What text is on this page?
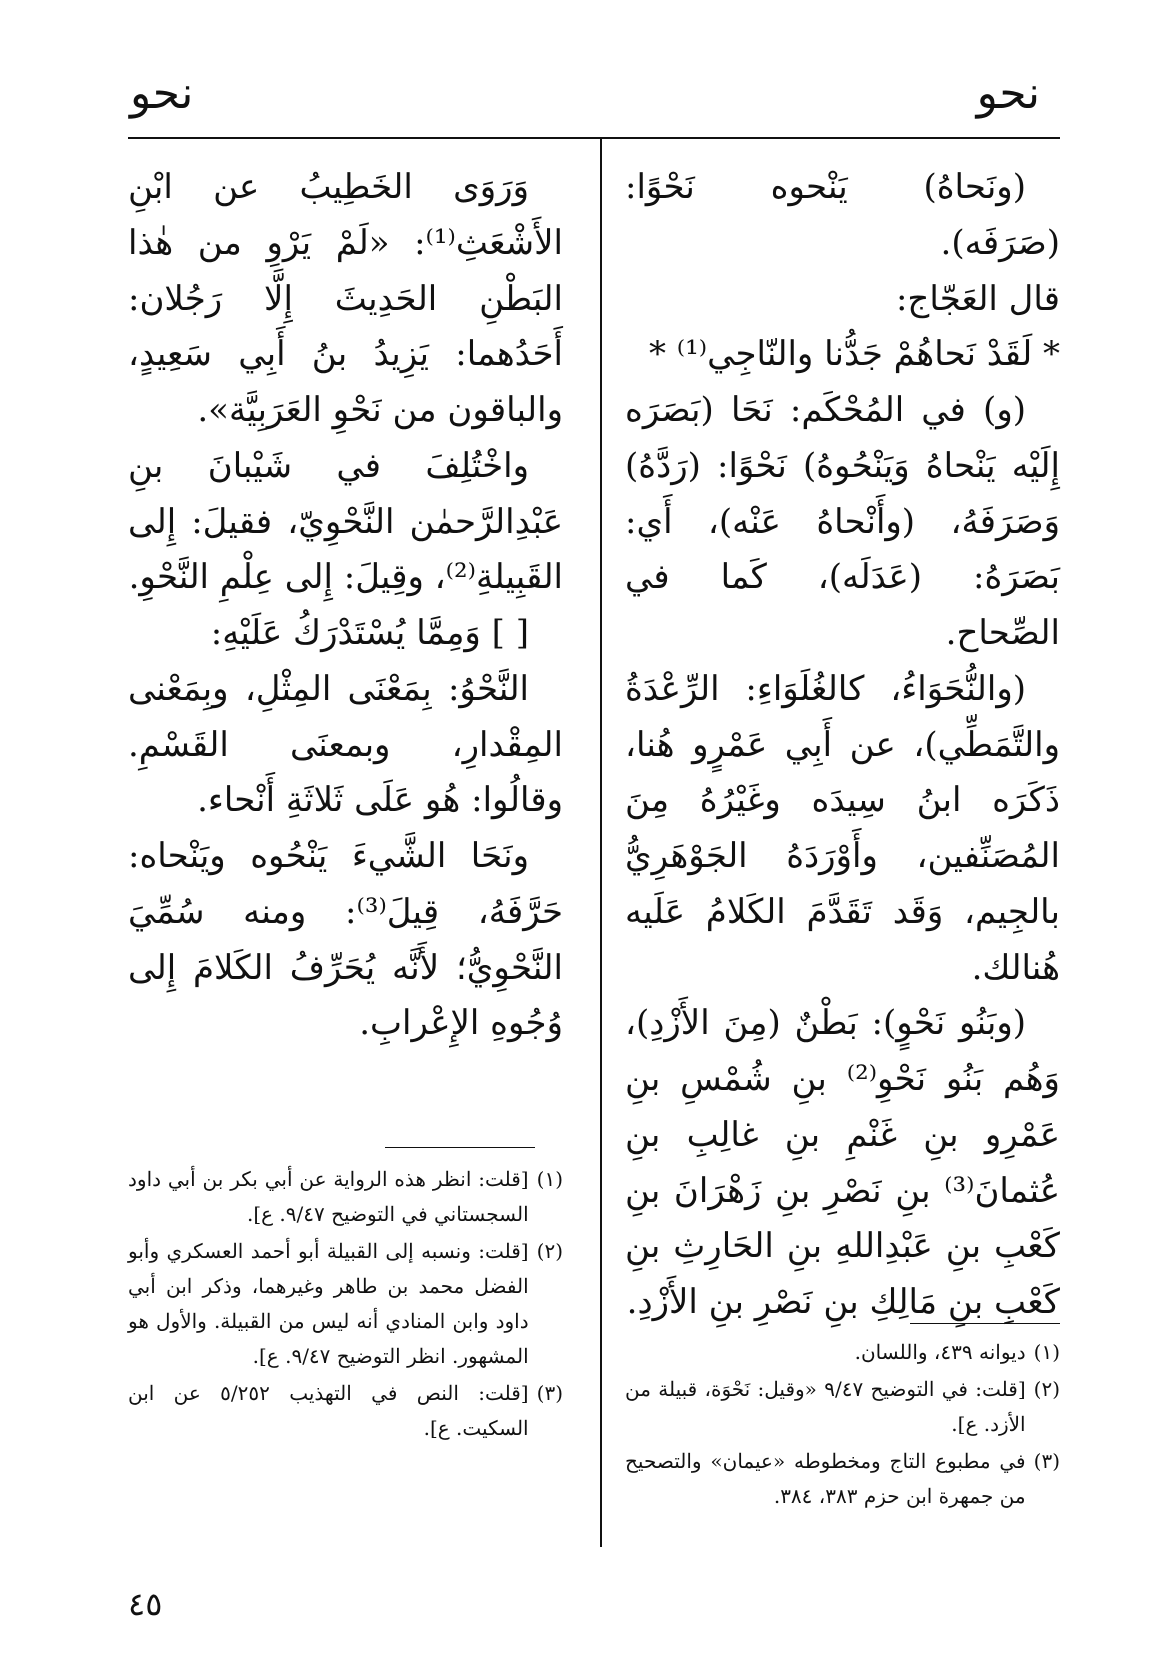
نحو
نحو

(ونَحاهُ) يَنْحوه نَحْوًا: (صَرَفَه).

قال العَجّاج:

* لَقَدْ نَحاهُمْ جَدُّنا والنّاجِي⁽¹⁾ *

(و) في المُحْكَم: نَحَا (بَصَرَه إِلَيْه يَنْحاهُ وَيَنْحُوهُ) نَحْوًا: (رَدَّهُ) وَصَرَفَهُ، (وأَنْحاهُ عَنْه)، أَي: بَصَرَهُ: (عَدَلَه)، كَما في الصِّحاح.

(والنُّحَوَاءُ، كالغُلَوَاءِ: الرِّعْدَةُ والتَّمَطِّي)، عن أَبِي عَمْرٍو هُنا، ذَكَرَه ابنُ سِيدَه وغَيْرُهُ مِنَ المُصَنِّفين، وأَوْرَدَهُ الجَوْهَرِيُّ بالجِيم، وَقَد تَقَدَّمَ الكَلامُ عَلَيه هُنالك.

(وبَنُو نَحْوٍ): بَطْنٌ (مِنَ الأَزْدِ)، وَهُم بَنُو نَحْوِ⁽²⁾ بنِ شُمْسِ بنِ عَمْرِو بنِ غَنْمِ بنِ غالِبِ بنِ عُثمانَ⁽³⁾ بنِ نَصْرِ بنِ زَهْرَانَ بنِ كَعْبِ بنِ عَبْدِاللهِ بنِ الحَارِثِ بنِ كَعْبِ بنِ مَالِكِ بنِ نَصْرِ بنِ الأَزْدِ.

(١)
ديوانه ٤٣٩، واللسان.
(٢)
[قلت: في التوضيح ٩/٤٧ «وقيل: نَحْوَة، قبيلة من الأزد. ع].
(٣)
في مطبوع التاج ومخطوطه «عيمان» والتصحيح من جمهرة ابن حزم ٣٨٣، ٣٨٤.

وَرَوَى الخَطِيبُ عن ابْنِ الأَشْعَثِ⁽¹⁾: «لَمْ يَرْوِ من هٰذا البَطْنِ الحَدِيثَ إِلَّا رَجُلان: أَحَدُهما: يَزِيدُ بنُ أَبِي سَعِيدٍ، والباقون من نَحْوِ العَرَبِيَّة».

واخْتُلِفَ في شَيْبانَ بنِ عَبْدِالرَّحمٰن النَّحْوِيّ، فقيلَ: إِلى القَبِيلةِ⁽²⁾، وقِيلَ: إِلى عِلْمِ النَّحْوِ.

[ ] وَمِمَّا يُسْتَدْرَكُ عَلَيْهِ:

النَّحْوُ: بِمَعْنَى المِثْلِ، وبِمَعْنى المِقْدارِ، وبمعنَى القَسْمِ. وقالُوا: هُو عَلَى ثَلاثَةِ أَنْحاء.

ونَحَا الشَّيءَ يَنْحُوه ويَنْحاه: حَرَّفَهُ، قِيلَ⁽³⁾: ومنه سُمِّيَ النَّحْوِيُّ؛ لأَنَّه يُحَرِّفُ الكَلامَ إِلى وُجُوهِ الإِعْرابِ.

(١)
[قلت: انظر هذه الرواية عن أبي بكر بن أبي داود السجستاني في التوضيح ٩/٤٧. ع].
(٢)
[قلت: ونسبه إلى القبيلة أبو أحمد العسكري وأبو الفضل محمد بن طاهر وغيرهما، وذكر ابن أبي داود وابن المنادي أنه ليس من القبيلة. والأول هو المشهور. انظر التوضيح ٩/٤٧. ع].
(٣)
[قلت: النص في التهذيب ٥/٢٥٢ عن ابن السكيت. ع].
٤٥
